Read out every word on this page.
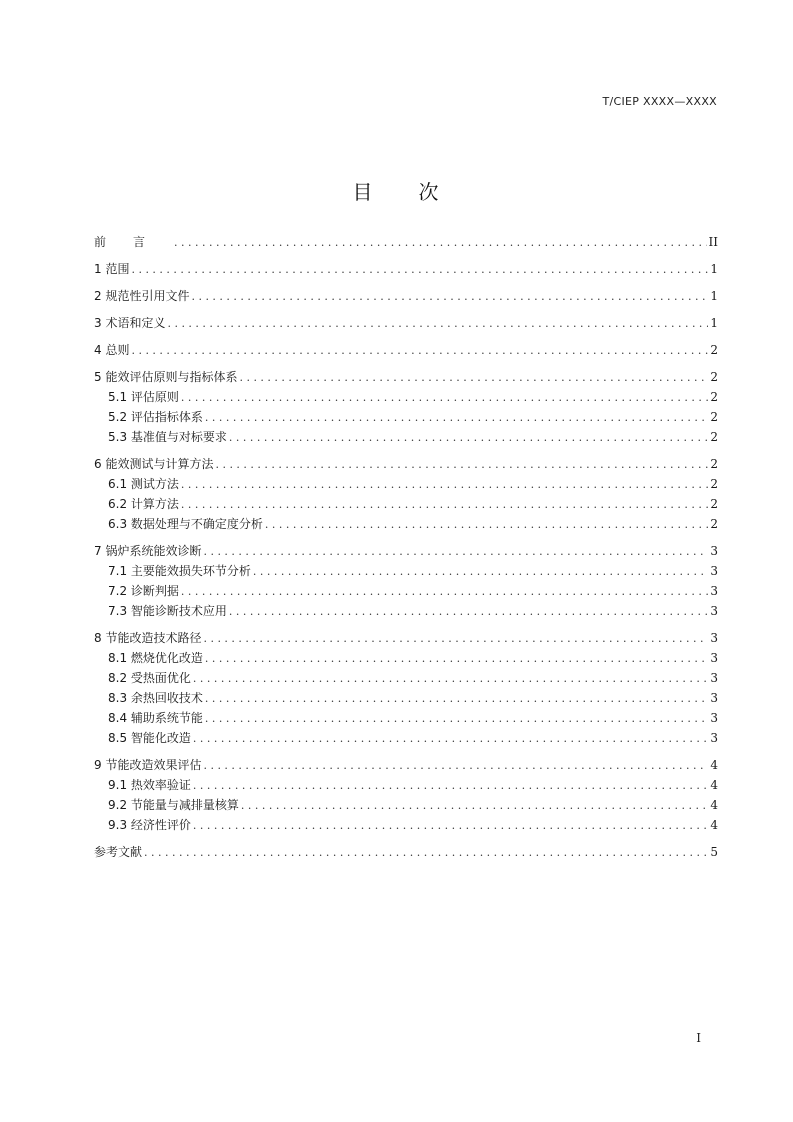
T/CIEP XXXX—XXXX
目　　次
前言 . . .	II
1 范围 . . .	1
2 规范性引用文件 . . .	1
3 术语和定义 . . .	1
4 总则 . . .	2
5 能效评估原则与指标体系 . . .	2
5.1 评估原则 . . .	2
5.2 评估指标体系 . . .	2
5.3 基准值与对标要求 . . .	2
6 能效测试与计算方法 . . .	2
6.1 测试方法 . . .	2
6.2 计算方法 . . .	2
6.3 数据处理与不确定度分析 . . .	2
7 锅炉系统能效诊断 . . .	3
7.1 主要能效损失环节分析 . . .	3
7.2 诊断判据 . . .	3
7.3 智能诊断技术应用 . . .	3
8 节能改造技术路径 . . .	3
8.1 燃烧优化改造 . . .	3
8.2 受热面优化 . . .	3
8.3 余热回收技术 . . .	3
8.4 辅助系统节能 . . .	3
8.5 智能化改造 . . .	3
9 节能改造效果评估 . . .	4
9.1 热效率验证 . . .	4
9.2 节能量与减排量核算 . . .	4
9.3 经济性评价 . . .	4
参考文献 . . .	5
I
